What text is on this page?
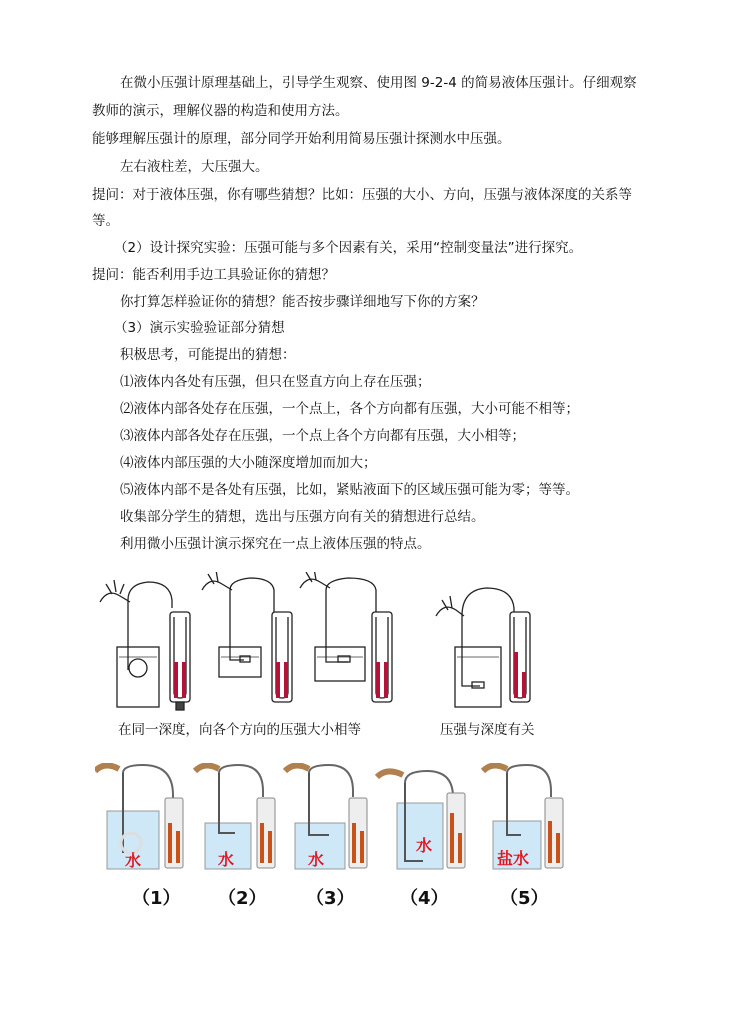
在微小压强计原理基础上，引导学生观察、使用图 9-2-4 的简易液体压强计。仔细观察
教师的演示，理解仪器的构造和使用方法。
能够理解压强计的原理，部分同学开始利用简易压强计探测水中压强。
左右液柱差，大压强大。
提问：对于液体压强，你有哪些猜想？比如：压强的大小、方向，压强与液体深度的关系等
等。
（2）设计探究实验：压强可能与多个因素有关，采用“控制变量法”进行探究。
提问：能否利用手边工具验证你的猜想？
你打算怎样验证你的猜想？能否按步骤详细地写下你的方案？
（3）演示实验验证部分猜想
积极思考，可能提出的猜想：
⑴液体内各处有压强，但只在竖直方向上存在压强；
⑵液体内部各处存在压强，一个点上，各个方向都有压强，大小可能不相等；
⑶液体内部各处存在压强，一个点上各个方向都有压强，大小相等；
⑷液体内部压强的大小随深度增加而加大；
⑸液体内部不是各处有压强，比如，紧贴液面下的区域压强可能为零；等等。
收集部分学生的猜想，选出与压强方向有关的猜想进行总结。
利用微小压强计演示探究在一点上液体压强的特点。
在同一深度，向各个方向的压强大小相等	压强与深度有关
水	水	水
水
盐水
（1） （2） （3）	（4）	（5）
